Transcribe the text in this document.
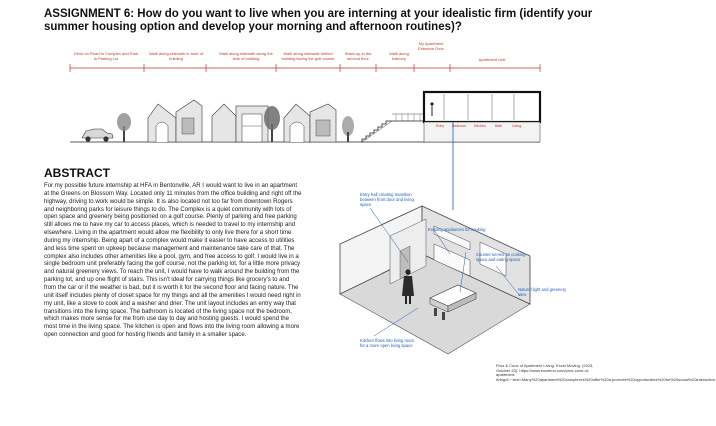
ASSIGNMENT 6: How do you want to live when you are interning at your idealistic firm (identify your summer housing option and develop your morning and afternoon routines)?
Drive on Road to Complex and Park in Parking Lot
Walk along sidewalk in front of building
Walk along sidewalk along the side of building
Walk along sidewalk behind building facing the golf course
Stairs up to the second floor
Walk along balcony
My Apartment Entrance Door
Apartment Unit
Entry Bedroom Kitchen	Bath	Living
ABSTRACT
For my possible future internship at HFA in Bentonville, AR I would want to live in an apartment at the Greens on Blossom Way. Located only 11 minutes from the office building and right off the highway, driving to work would be simple. It is also located not too far from downtown Rogers and neighboring parks for leisure things to do. The Complex is a quiet community with lots of open space and greenery being positioned on a golf course. Plenty of parking and free parking still allows me to have my car to access places, which is needed to travel to my internship and elsewhere. Living in the apartment would allow me flexibility to only live there for a short time during my internship. Being apart of a complex would make it easier to have access to utilities and less time spent on upkeep because management and maintenance take care of that. The complex also includes other amenities like a pool, gym, and free access to golf. I would live in a single bedroom unit preferably facing the golf course, not the parking lot, for a little more privacy and natural greenery views. To reach the unit, I would have to walk around the building from the parking lot, and up one flight of stairs. This isn't ideal for carrying things like grocery's to and from the car or if the weather is bad, but it is worth it for the second floor and facing nature. The unit itself includes plenty of closet space for my things and all the amenities I would need right in my unit, like a stove to cook and a washer and drier. The unit layout includes an entry way that transitions into the living space. The bathroom is located of the living space not the bedroom, which makes more sense for me from use day to day and hosting guests. I would spend the most time in the living space. The kitchen is open and flows into the living room allowing a more open connection and good for hosting friends and family in a smaller space.
Entry hall creating transition between front door and living space
Existing appliances for cooking
Counter serves as cooking space and eating space
Natural light and greenery view
Kitchen flows into living room for a more open living space
Pros & Cons of Apartment Living. Excel Moving. (2023, October 20). https://www.excelmo.com/pros-cons-of-apartment-living/#:~:text=Many%20apartment%20complexes%20offer%20a,promote%20opportunities%20for%20social%20interaction.
